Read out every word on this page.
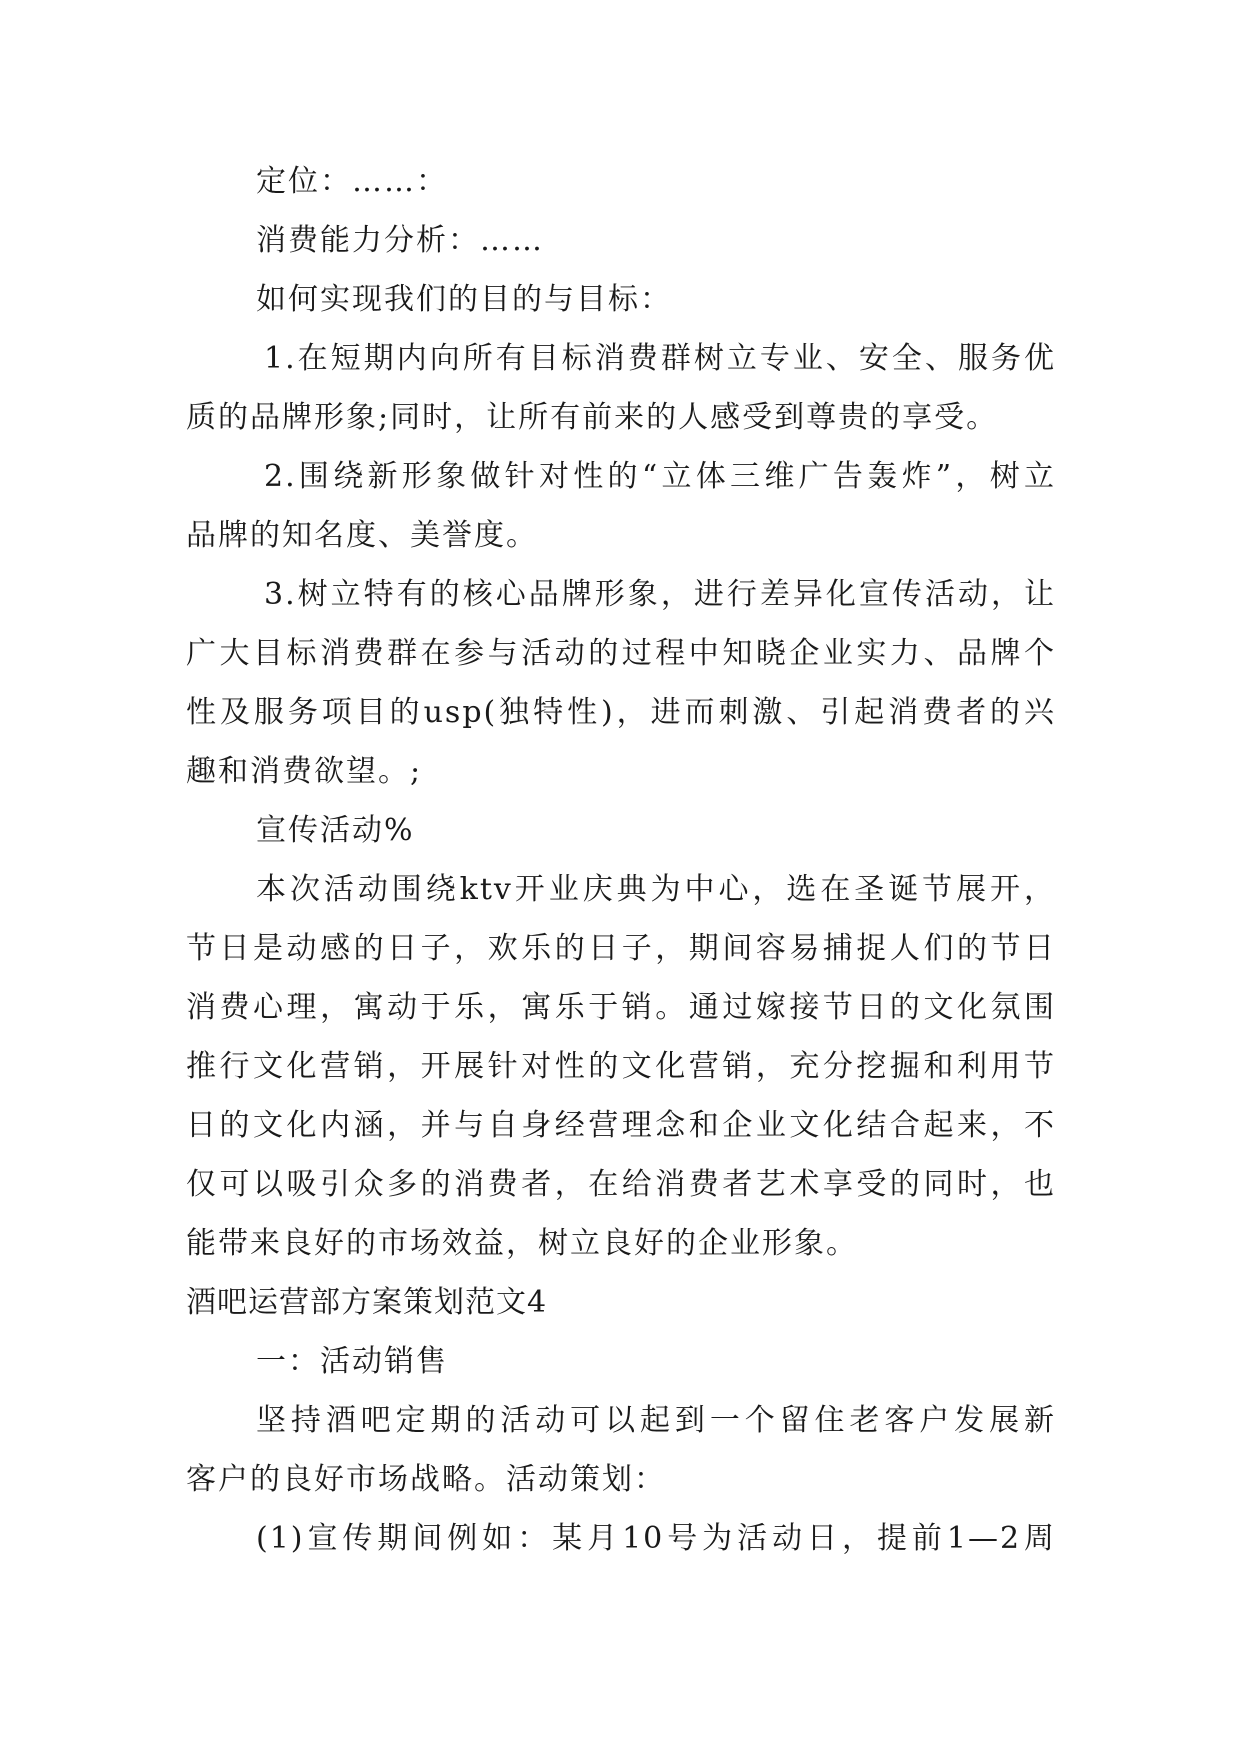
定位：……：
消费能力分析：……
如何实现我们的目的与目标：
1.在短期内向所有目标消费群树立专业、安全、服务优
质的品牌形象;同时，让所有前来的人感受到尊贵的享受。
2.围绕新形象做针对性的“立体三维广告轰炸”，树立
品牌的知名度、美誉度。
3.树立特有的核心品牌形象，进行差异化宣传活动，让
广大目标消费群在参与活动的过程中知晓企业实力、品牌个
性及服务项目的usp(独特性)，进而刺激、引起消费者的兴
趣和消费欲望。;
宣传活动%
本次活动围绕ktv开业庆典为中心，选在圣诞节展开，
节日是动感的日子，欢乐的日子，期间容易捕捉人们的节日
消费心理，寓动于乐，寓乐于销。通过嫁接节日的文化氛围
推行文化营销，开展针对性的文化营销，充分挖掘和利用节
日的文化内涵，并与自身经营理念和企业文化结合起来，不
仅可以吸引众多的消费者，在给消费者艺术享受的同时，也
能带来良好的市场效益，树立良好的企业形象。
酒吧运营部方案策划范文4
一：活动销售
坚持酒吧定期的活动可以起到一个留住老客户发展新
客户的良好市场战略。活动策划：
(1)宣传期间例如：某月10号为活动日，提前1—2周
